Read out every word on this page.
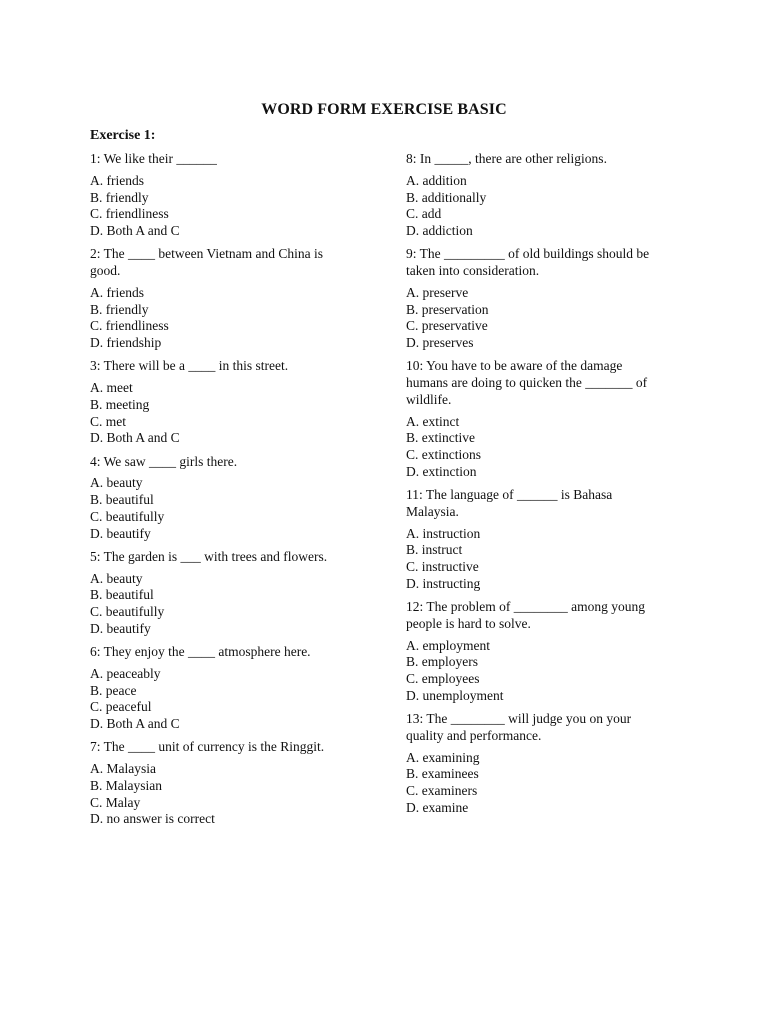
WORD FORM EXERCISE BASIC
Exercise 1:
1: We like their ______
A. friends
B. friendly
C. friendliness
D. Both A and C
2: The ____ between Vietnam and China is good.
A. friends
B. friendly
C. friendliness
D. friendship
3: There will be a ____ in this street.
A. meet
B. meeting
C. met
D. Both A and C
4: We saw ____ girls there.
A. beauty
B. beautiful
C. beautifully
D. beautify
5: The garden is ___ with trees and flowers.
A. beauty
B. beautiful
C. beautifully
D. beautify
6: They enjoy the ____ atmosphere here.
A. peaceably
B. peace
C. peaceful
D. Both A and C
7: The ____ unit of currency is the Ringgit.
A. Malaysia
B. Malaysian
C. Malay
D. no answer is correct
8: In _____, there are other religions.
A. addition
B. additionally
C. add
D. addiction
9: The _________ of old buildings should be taken into consideration.
A. preserve
B. preservation
C. preservative
D. preserves
10: You have to be aware of the damage humans are doing to quicken the _______ of wildlife.
A. extinct
B. extinctive
C. extinctions
D. extinction
11: The language of ______ is Bahasa Malaysia.
A. instruction
B. instruct
C. instructive
D. instructing
12: The problem of ________ among young people is hard to solve.
A. employment
B. employers
C. employees
D. unemployment
13: The ________ will judge you on your quality and performance.
A. examining
B. examinees
C. examiners
D. examine
